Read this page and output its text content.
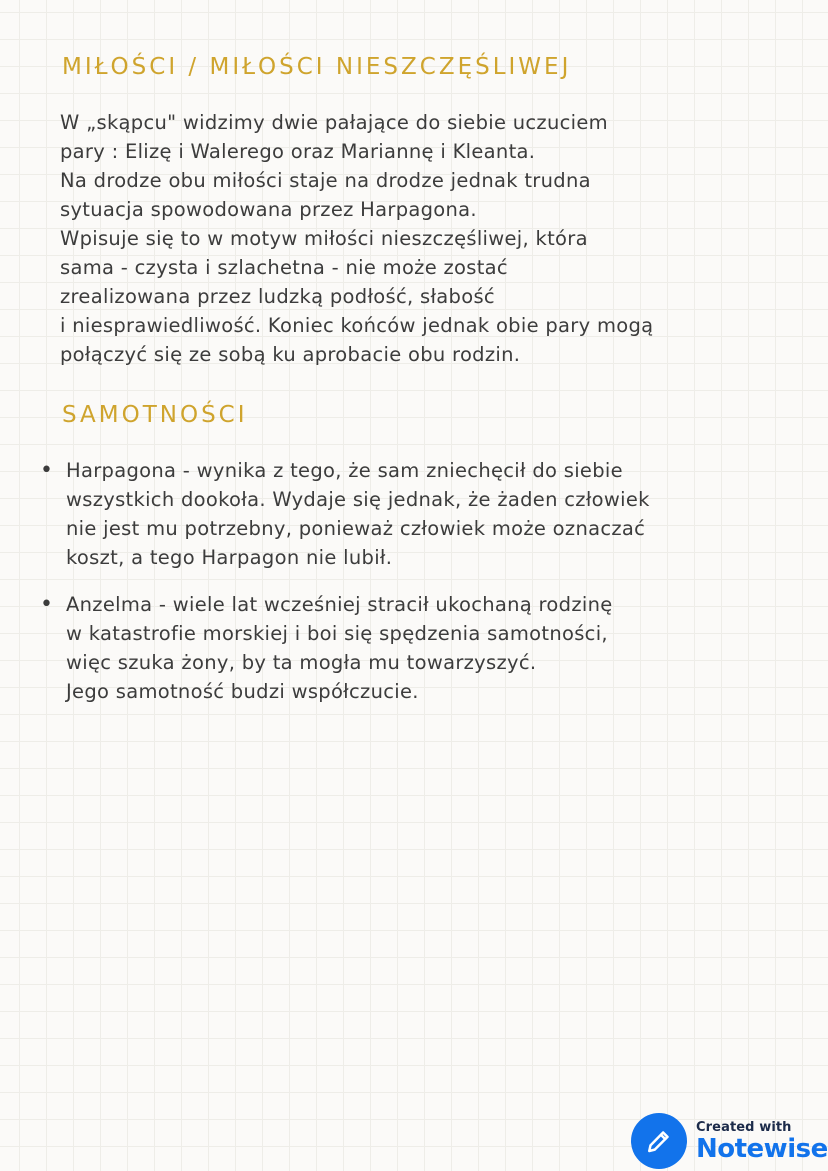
MIŁOŚCI / MIŁOŚCI NIESZCZĘŚLIWEJ
W „skąpcu" widzimy dwie pałające do siebie uczuciem
pary : Elizę i Walerego oraz Mariannę i Kleanta.
Na drodze obu miłości staje na drodze jednak trudna
sytuacja spowodowana przez Harpagona.
Wpisuje się to w motyw miłości nieszczęśliwej, która
sama - czysta i szlachetna - nie może zostać
zrealizowana przez ludzką podłość, słabość
i niesprawiedliwość. Koniec końców jednak obie pary mogą
połączyć się ze sobą ku aprobacie obu rodzin.
SAMOTNOŚCI
• Harpagona - wynika z tego, że sam zniechęcił do siebie
wszystkich dookoła. Wydaje się jednak, że żaden człowiek
nie jest mu potrzebny, ponieważ człowiek może oznaczać
koszt, a tego Harpagon nie lubił.
• Anzelma - wiele lat wcześniej stracił ukochaną rodzinę
w katastrofie morskiej i boi się spędzenia samotności,
więc szuka żony, by ta mogła mu towarzyszyć.
Jego samotność budzi współczucie.
Created with
Notewise
